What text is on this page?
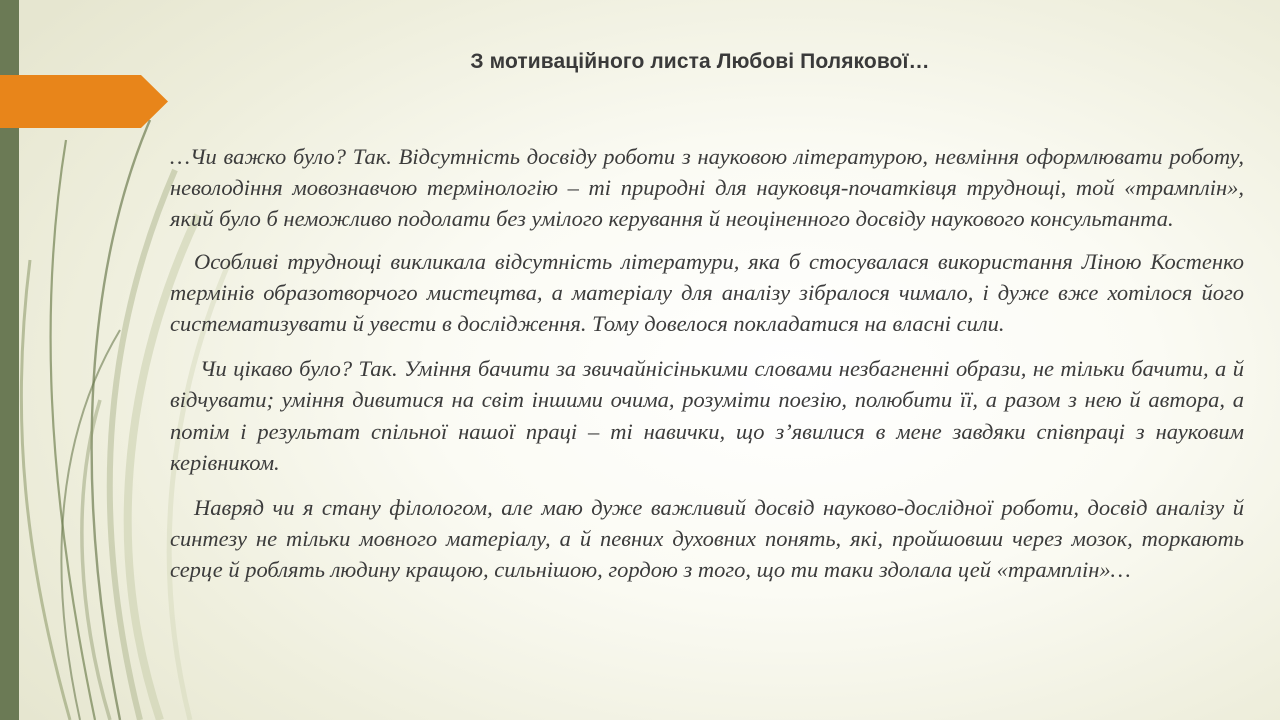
З мотиваційного листа Любові Полякової…

…Чи важко було? Так. Відсутність досвіду роботи з науковою літературою, невміння оформлювати роботу, неволодіння мовознавчою термінологію – ті природні для науковця-початківця труднощі, той «трамплін», який було б неможливо подолати без умілого керування й неоціненного досвіду наукового консультанта.

Особливі труднощі викликала відсутність літератури, яка б стосувалася використання Ліною Костенко термінів образотворчого мистецтва, а матеріалу для аналізу зібралося чимало, і дуже вже хотілося його систематизувати й увести в дослідження. Тому довелося покладатися на власні сили.

Чи цікаво було? Так. Уміння бачити за звичайнісінькими словами незбагненні образи, не тільки бачити, а й відчувати; уміння дивитися на світ іншими очима, розуміти поезію, полюбити її, а разом з нею й автора, а потім і результат спільної нашої праці – ті навички, що з’явилися в мене завдяки співпраці з науковим керівником.

Навряд чи я стану філологом, але маю дуже важливий досвід науково-дослідної роботи, досвід аналізу й синтезу не тільки мовного матеріалу, а й певних духовних понять, які, пройшовши через мозок, торкають серце й роблять людину кращою, сильнішою, гордою з того, що ти таки здолала цей «трамплін»…
